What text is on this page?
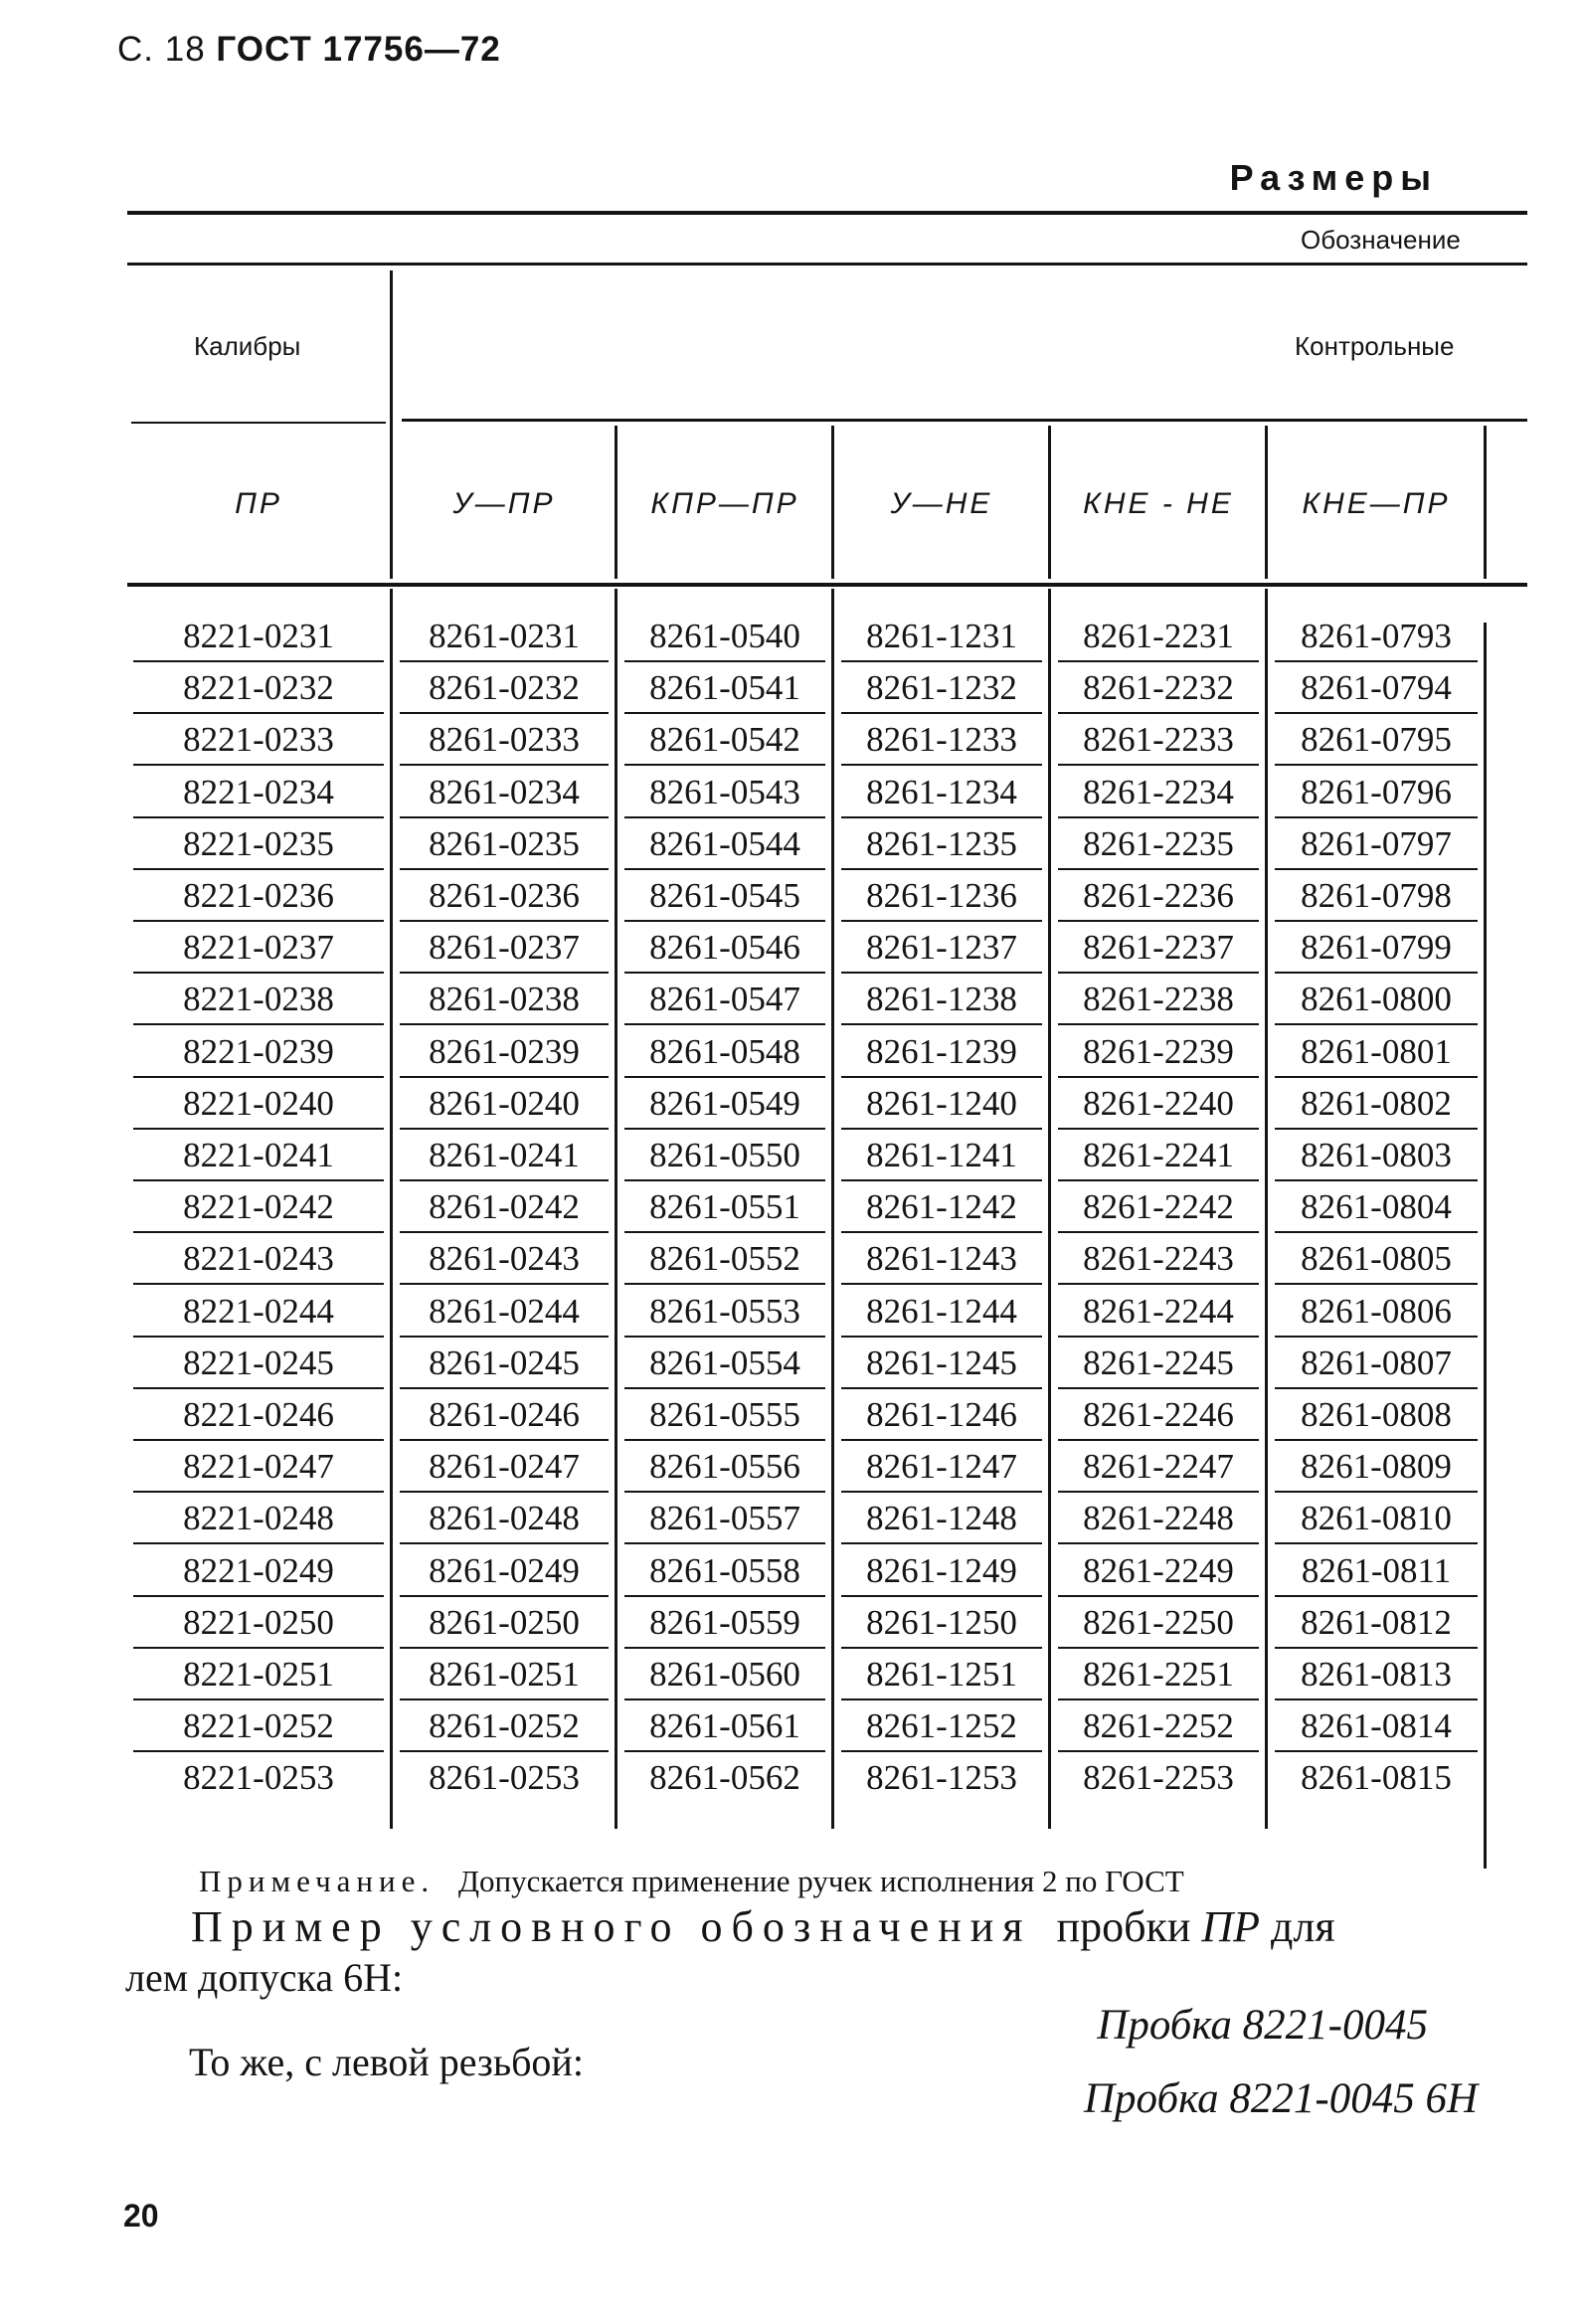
С. 18 ГОСТ 17756—72
Размеры
Обозначение
Калибры	Контрольные
ПР	У—ПР	КПР—ПР	У—НЕ	КНЕ - НЕ	КНЕ—ПР
8221-0231	8261-0231	8261-0540	8261-1231	8261-2231	8261-0793
8221-0232	8261-0232	8261-0541	8261-1232	8261-2232	8261-0794
8221-0233	8261-0233	8261-0542	8261-1233	8261-2233	8261-0795
8221-0234	8261-0234	8261-0543	8261-1234	8261-2234	8261-0796
8221-0235	8261-0235	8261-0544	8261-1235	8261-2235	8261-0797
8221-0236	8261-0236	8261-0545	8261-1236	8261-2236	8261-0798
8221-0237	8261-0237	8261-0546	8261-1237	8261-2237	8261-0799
8221-0238	8261-0238	8261-0547	8261-1238	8261-2238	8261-0800
8221-0239	8261-0239	8261-0548	8261-1239	8261-2239	8261-0801
8221-0240	8261-0240	8261-0549	8261-1240	8261-2240	8261-0802
8221-0241	8261-0241	8261-0550	8261-1241	8261-2241	8261-0803
8221-0242	8261-0242	8261-0551	8261-1242	8261-2242	8261-0804
8221-0243	8261-0243	8261-0552	8261-1243	8261-2243	8261-0805
8221-0244	8261-0244	8261-0553	8261-1244	8261-2244	8261-0806
8221-0245	8261-0245	8261-0554	8261-1245	8261-2245	8261-0807
8221-0246	8261-0246	8261-0555	8261-1246	8261-2246	8261-0808
8221-0247	8261-0247	8261-0556	8261-1247	8261-2247	8261-0809
8221-0248	8261-0248	8261-0557	8261-1248	8261-2248	8261-0810
8221-0249	8261-0249	8261-0558	8261-1249	8261-2249	8261-0811
8221-0250	8261-0250	8261-0559	8261-1250	8261-2250	8261-0812
8221-0251	8261-0251	8261-0560	8261-1251	8261-2251	8261-0813
8221-0252	8261-0252	8261-0561	8261-1252	8261-2252	8261-0814
8221-0253	8261-0253	8261-0562	8261-1253	8261-2253	8261-0815
Примечание. Допускается применение ручек исполнения 2 по ГОСТ
Пример условного обозначения пробки ПР для
лем допуска 6Н:
Пробка 8221-0045
То же, с левой резьбой:
Пробка 8221-0045 6Н
20
